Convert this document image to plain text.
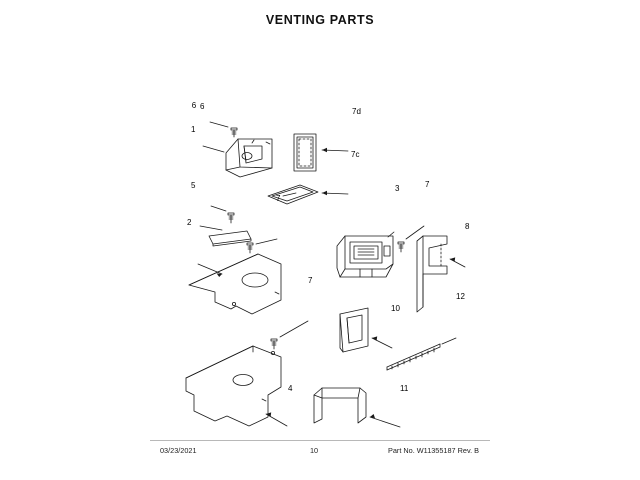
VENTING PARTS
6 6
1
7d
7c
5
7
2
3	7
8
7
10
12
4	11
03/23/2021	10	Part No. W11355187 Rev. B
